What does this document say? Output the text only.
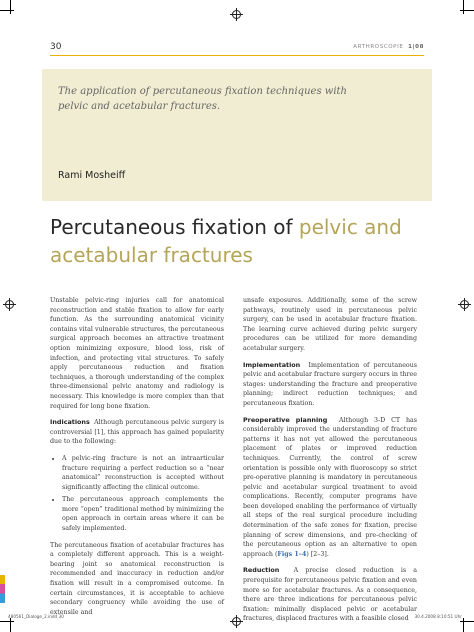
30	ARTHROSCOPIE 1|08
The application of percutaneous fixation techniques with pelvic and acetabular fractures.
Rami Mosheiff
Percutaneous fixation of pelvic and acetabular fractures

Unstable pelvic-ring injuries call for anatomical reconstruction and stable fixation to allow for early function. As the surrounding anatomical vicinity contains vital vulnerable structures, the percutaneous surgical approach becomes an attractive treatment option minimizing exposure, blood loss, risk of infection, and protecting vital structures. To safely apply percutaneous reduction and fixation techniques, a thorough understanding of the complex three-dimensional pelvic anatomy and radiology is necessary. This knowledge is more complex than that required for long bone fixation.

Indications Although percutaneous pelvic surgery is controversial [1], this approach has gained popularity due to the following:

• A pelvic-ring fracture is not an intraarticular fracture requiring a perfect reduction so a “near anatomical” reconstruction is accepted without significantly affecting the clinical outcome.
• The percutaneous approach complements the more “open” traditional method by minimizing the open approach in certain areas where it can be safely implemented.

The percutaneous fixation of acetabular fractures has a completely different approach. This is a weight-bearing joint so anatomical reconstruction is recommended and inaccuracy in reduction and/or fixation will result in a compromised outcome. In certain circumstances, it is acceptable to achieve secondary congruency while avoiding the use of extensile and

unsafe exposures. Additionally, some of the screw pathways, routinely used in percutaneous pelvic surgery, can be used in acetabular fracture fixation. The learning curve achieved during pelvic surgery procedures can be utilized for more demanding acetabular surgery.

Implementation Implementation of percutaneous pelvic and acetabular fracture surgery occurs in three stages: understanding the fracture and preoperative planning; indirect reduction techniques; and percutaneous fixation.

Preoperative planning Although 3-D CT has considerably improved the understanding of fracture patterns it has not yet allowed the percutaneous placement of plates or improved reduction techniques. Currently, the control of screw orientation is possible only with fluoroscopy so strict pre-operative planning is mandatory in percutaneous pelvic and acetabular surgical treatment to avoid complications. Recently, computer programs have been developed enabling the performance of virtually all steps of the real surgical procedure including determination of the safe zones for fixation, precise planning of screw dimensions, and pre-checking of the percutaneous option as an alternative to open approach (Figs 1–4) [2–3].

Reduction A precise closed reduction is a prerequisite for percutaneous pelvic fixation and even more so for acetabular fractures. As a consequence, there are three indications for percutaneous pelvic fixation: minimally displaced pelvic or acetabular fractures, displaced fractures with a feasible closed

480561_Dialoge_2.indd 30	30.4.2008 8:10:51 Uhr
